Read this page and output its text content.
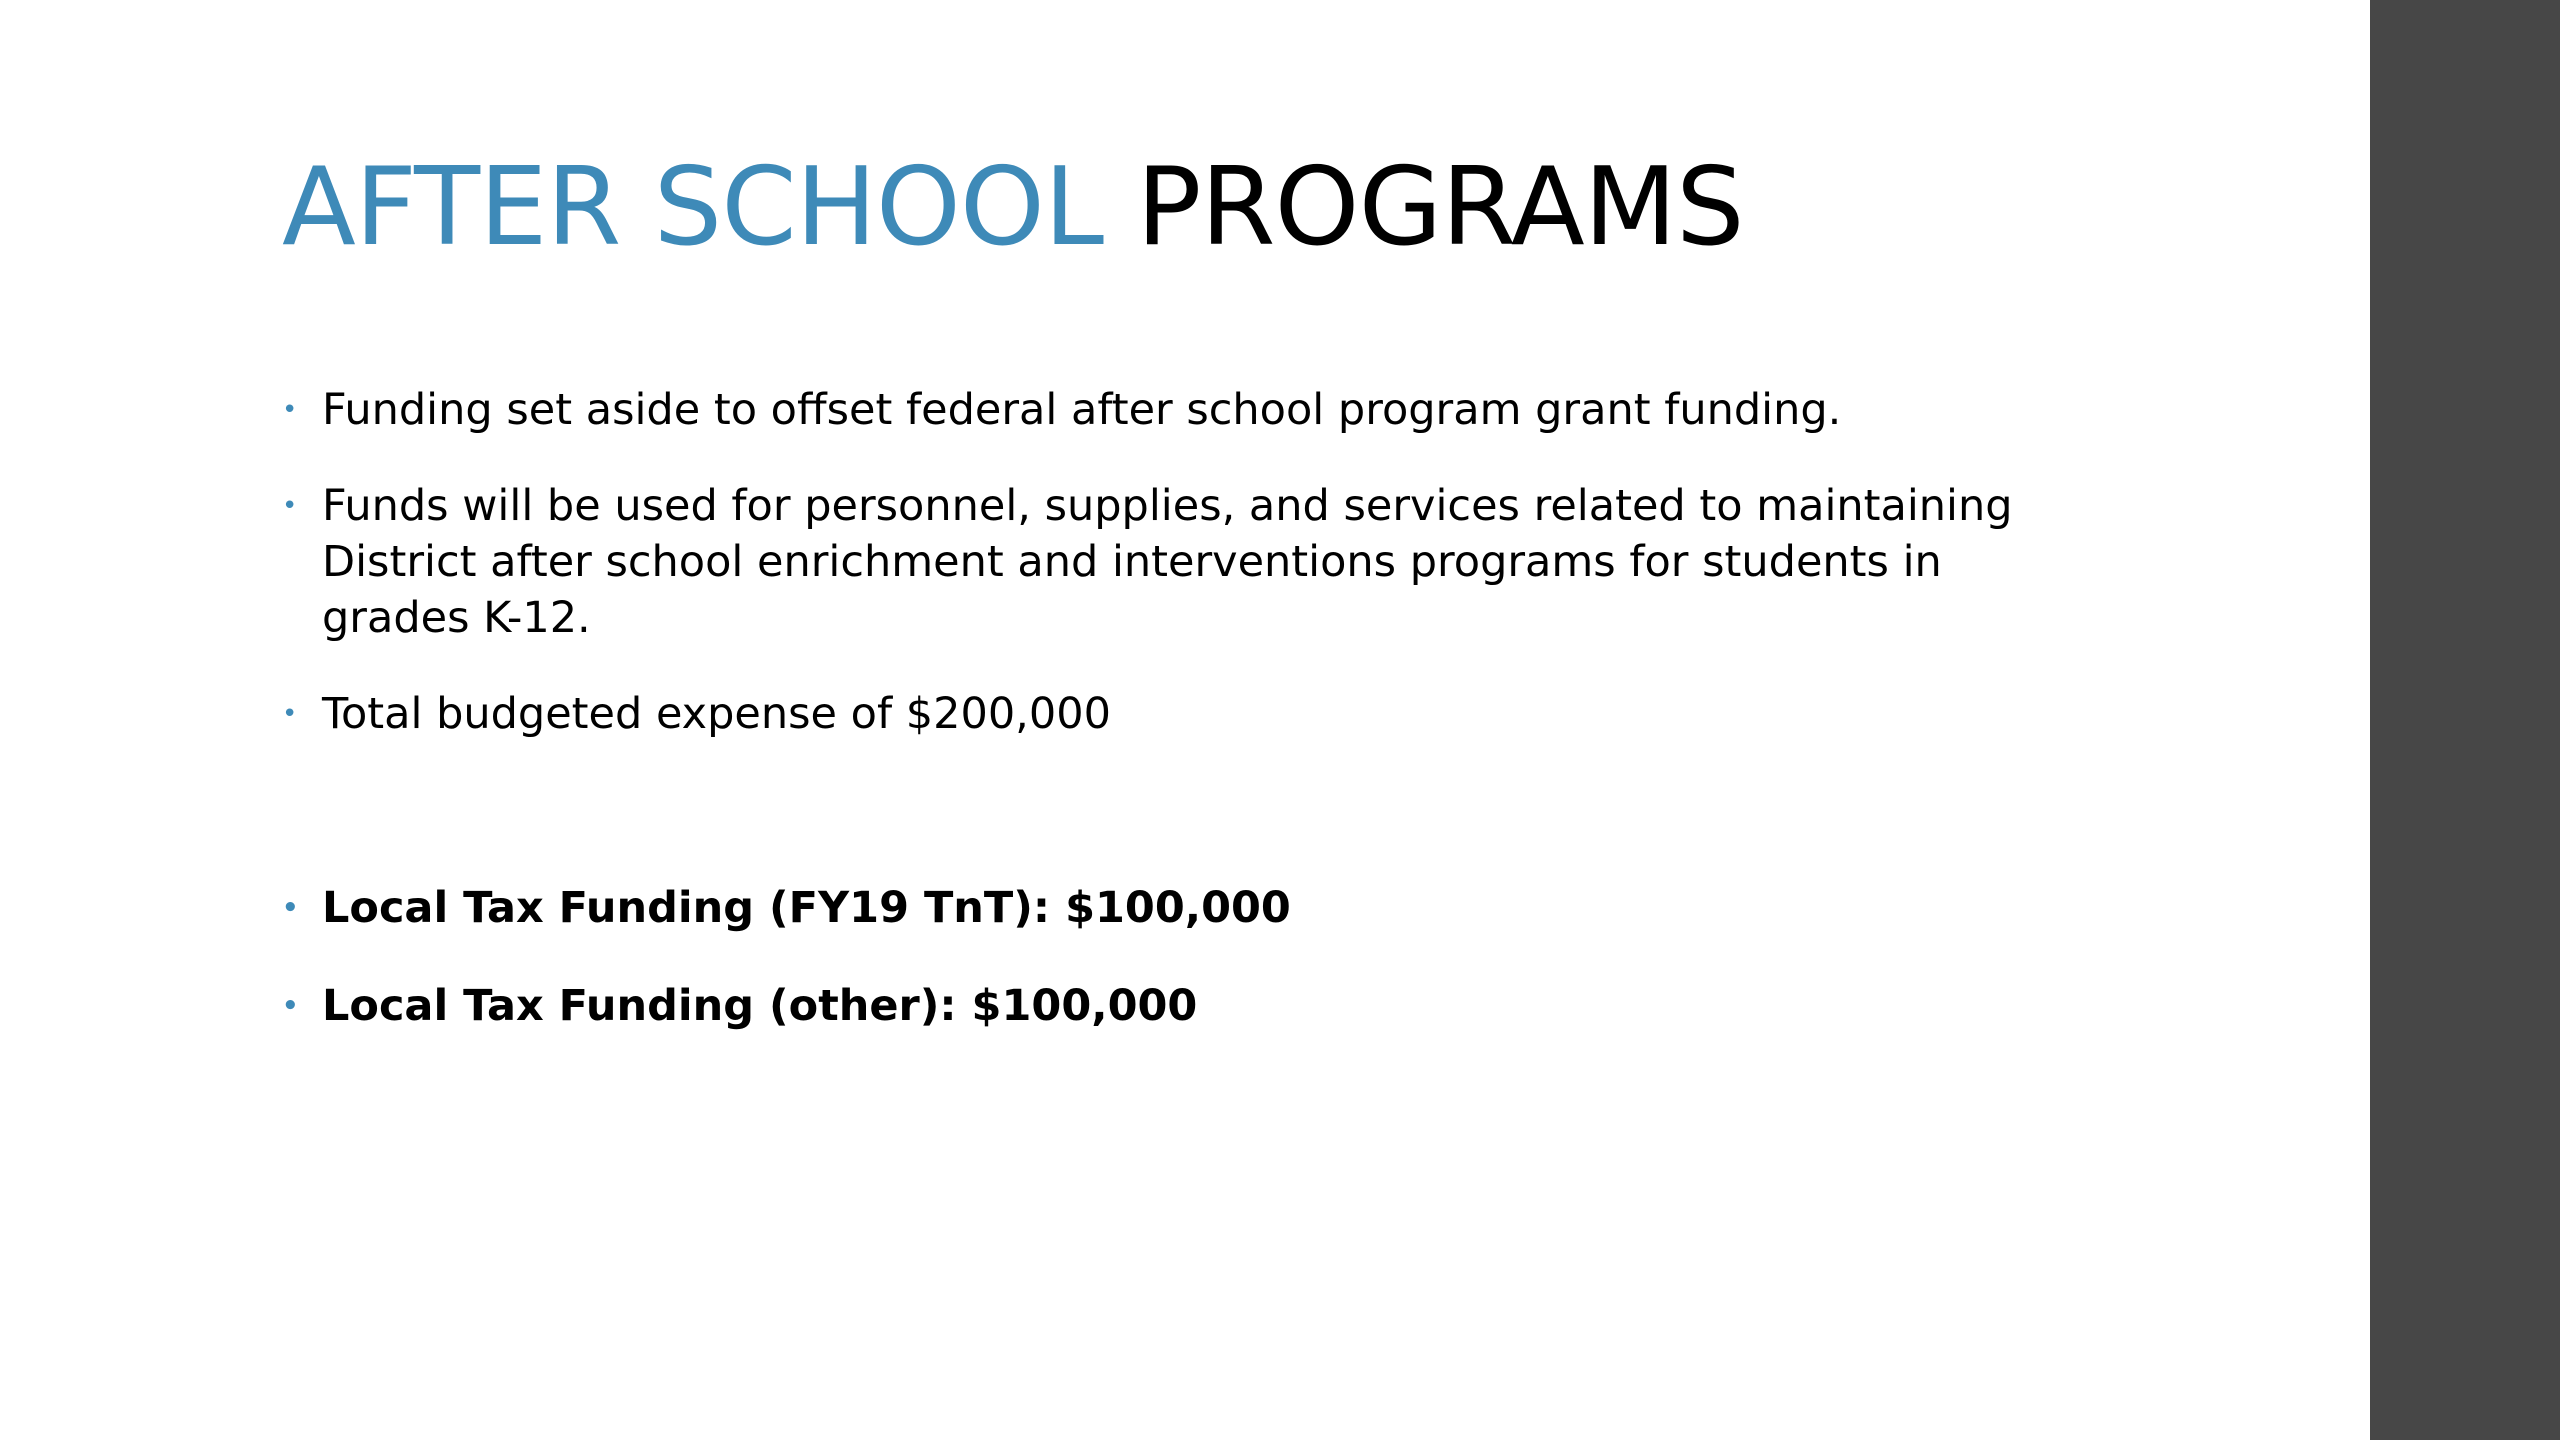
AFTER SCHOOL PROGRAMS
• Funding set aside to offset federal after school program grant funding.
• Funds will be used for personnel, supplies, and services related to maintaining District after school enrichment and interventions programs for students in grades K-12.
• Total budgeted expense of $200,000
• Local Tax Funding (FY19 TnT): $100,000
• Local Tax Funding (other): $100,000
